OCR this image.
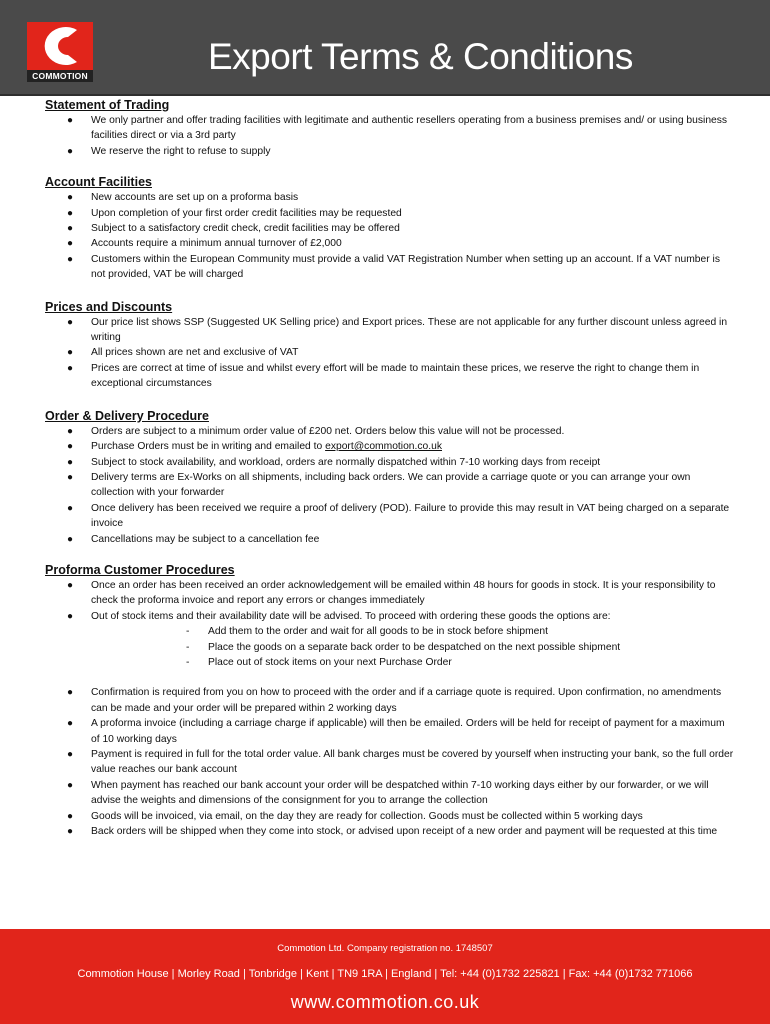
COMMOTION	Export Terms & Conditions
Statement of Trading
● We only partner and offer trading facilities with legitimate and authentic resellers operating from a business premises and/ or using business facilities direct or via a 3rd party
● We reserve the right to refuse to supply
Account Facilities
● New accounts are set up on a proforma basis
● Upon completion of your first order credit facilities may be requested
● Subject to a satisfactory credit check, credit facilities may be offered
● Accounts require a minimum annual turnover of £2,000
● Customers within the European Community must provide a valid VAT Registration Number when setting up an account. If a VAT number is not provided, VAT be will charged
Prices and Discounts
● Our price list shows SSP (Suggested UK Selling price) and Export prices. These are not applicable for any further discount unless agreed in writing
● All prices shown are net and exclusive of VAT
● Prices are correct at time of issue and whilst every effort will be made to maintain these prices, we reserve the right to change them in exceptional circumstances
Order & Delivery Procedure
● Orders are subject to a minimum order value of £200 net. Orders below this value will not be processed.
● Purchase Orders must be in writing and emailed to export@commotion.co.uk
● Subject to stock availability, and workload, orders are normally dispatched within 7-10 working days from receipt
● Delivery terms are Ex-Works on all shipments, including back orders. We can provide a carriage quote or you can arrange your own collection with your forwarder
● Once delivery has been received we require a proof of delivery (POD). Failure to provide this may result in VAT being charged on a separate invoice
● Cancellations may be subject to a cancellation fee
Proforma Customer Procedures
● Once an order has been received an order acknowledgement will be emailed within 48 hours for goods in stock. It is your responsibility to check the proforma invoice and report any errors or changes immediately
● Out of stock items and their availability date will be advised. To proceed with ordering these goods the options are:
- Add them to the order and wait for all goods to be in stock before shipment
- Place the goods on a separate back order to be despatched on the next possible shipment
- Place out of stock items on your next Purchase Order
● Confirmation is required from you on how to proceed with the order and if a carriage quote is required. Upon confirmation, no amendments can be made and your order will be prepared within 2 working days
● A proforma invoice (including a carriage charge if applicable) will then be emailed. Orders will be held for receipt of payment for a maximum of 10 working days
● Payment is required in full for the total order value. All bank charges must be covered by yourself when instructing your bank, so the full order value reaches our bank account
● When payment has reached our bank account your order will be despatched within 7-10 working days either by our forwarder, or we will advise the weights and dimensions of the consignment for you to arrange the collection
● Goods will be invoiced, via email, on the day they are ready for collection. Goods must be collected within 5 working days
● Back orders will be shipped when they come into stock, or advised upon receipt of a new order and payment will be requested at this time
Commotion Ltd. Company registration no. 1748507
Commotion House | Morley Road | Tonbridge | Kent | TN9 1RA | England | Tel: +44 (0)1732 225821 | Fax: +44 (0)1732 771066
www.commotion.co.uk
